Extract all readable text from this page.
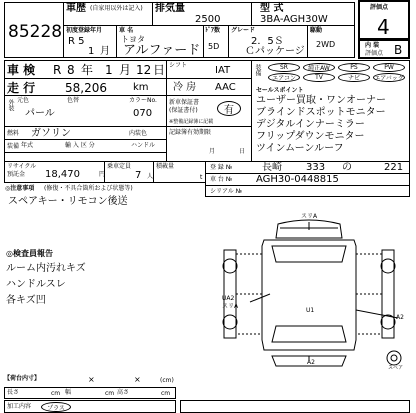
85228
車歴 (自家用以外は記入) 排気量
2500
型 式
3BA-AGH30W
評価点
4
初度登録年月
R 5
1 月
車 名
トヨタ
アルファード
ﾄﾞｱ数
5D
グレード
2．5Ｓ
Ｃパッケージ
駆動
2WD	内 装
評価点 B
車 検 R 8 年 1 月 12 日 シフト	IAT
走 行 58,206	km 冷 房 AAC
外装 元色	色替	カラーNo.
パール	070
新車保証書
(保証書付)	有
※整備記録簿に記載
燃料 ガソリン	内装色
装備 年式	輸 入 区 分	ハンドル
記録簿有効期限
月	日
装備	SR	純正AW	PS	PW
エアコン	TV	ナビ エアバッグ
セールスポイント
ユーザー買取・ワンオーナー
ブラインドスポットモニター
デジタルインナーミラー
フリップダウンモニター
ツインムーンルーフ
リサイクル
預託金 18,470	円
乗車定員
7 人
積載量
t
登 録 №	長崎 333 の	221
車 台 № AGH30-0448815
シリアル №
◎注意事項 (修復・不具合箇所および状態等)
スペアキー・リモコン後送
◎検査員報告
ルーム内汚れキズ
ハンドルスレ
各キズ凹
スリA
UA2
スリA
U1
A2
A2
スペア
【荷台内寸】	×	×	(cm)
長さ	cm 幅	cm 高さ	cm
加工内容	プラス
